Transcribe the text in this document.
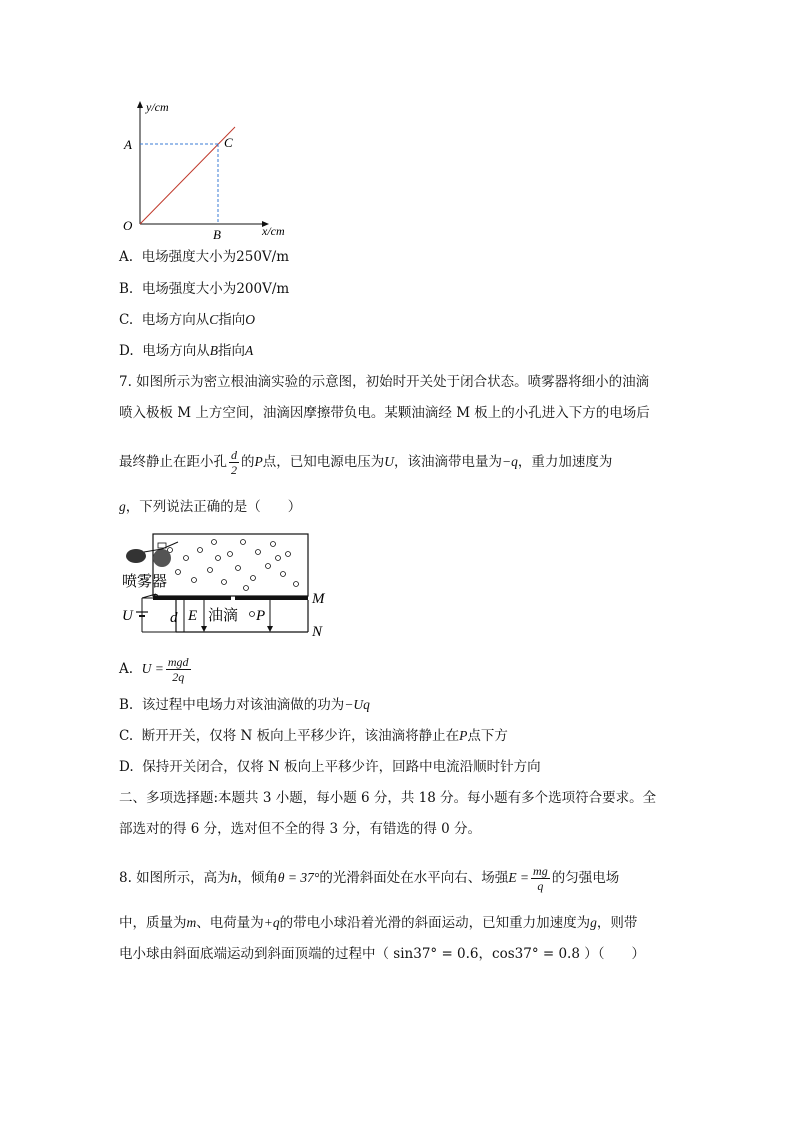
y/cm
x/cm
O
A
B
C
A. 电场强度大小为250V/m
B. 电场强度大小为200V/m
C. 电场方向从C指向O
D. 电场方向从B指向A
7. 如图所示为密立根油滴实验的示意图，初始时开关处于闭合状态。喷雾器将细小的油滴
喷入极板 M 上方空间，油滴因摩擦带负电。某颗油滴经 M 板上的小孔进入下方的电场后
最终静止在距小孔 $\frac{d}{2}$ 的P点，已知电源电压为U，该油滴带电量为−q，重力加速度为
g，下列说法正确的是（　　）
喷雾器
U d E 油滴 P
M
N
A. $U = \frac{\text{mgd}}{2q}$
B. 该过程中电场力对该油滴做的功为−Uq
C. 断开开关，仅将 N 板向上平移少许，该油滴将静止在P点下方
D. 保持开关闭合，仅将 N 板向上平移少许，回路中电流沿顺时针方向
二、多项选择题:本题共 3 小题，每小题 6 分，共 18 分。每小题有多个选项符合要求。全
部选对的得 6 分，选对但不全的得 3 分，有错选的得 0 分。
8. 如图所示，高为h，倾角θ = 37°的光滑斜面处在水平向右、场强$E = \frac{mg}{q}$ 的匀强电场
中，质量为m、电荷量为+q的带电小球沿着光滑的斜面运动，已知重力加速度为g，则带
电小球由斜面底端运动到斜面顶端的过程中（ sin37° = 0.6，cos37° = 0.8 ）（　　）
